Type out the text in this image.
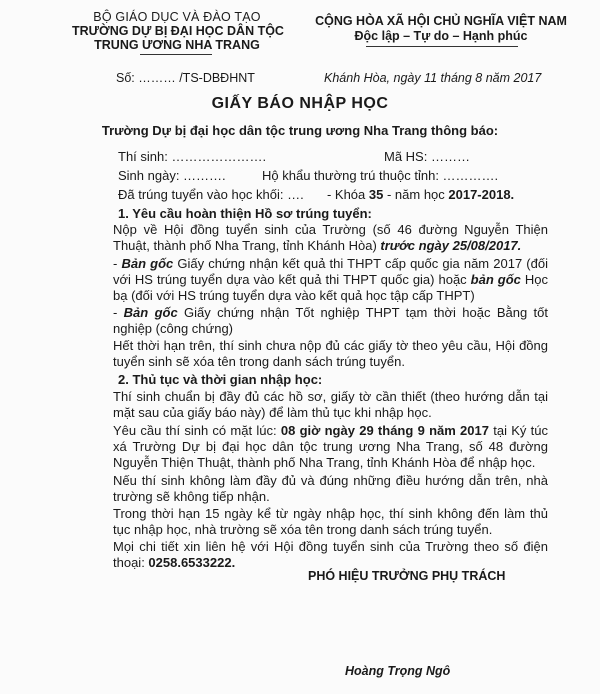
BỘ GIÁO DỤC VÀ ĐÀO TẠO
TRƯỜNG DỰ BỊ ĐẠI HỌC DÂN TỘC
TRUNG ƯƠNG NHA TRANG
CỘNG HÒA XÃ HỘI CHỦ NGHĨA VIỆT NAM
Độc lập – Tự do – Hạnh phúc
Số: ……… /TS-DBĐHNT	Khánh Hòa, ngày 11 tháng 8 năm 2017
GIẤY BÁO NHẬP HỌC
Trường Dự bị đại học dân tộc trung ương Nha Trang thông báo:
Thí sinh: ………………….	Mã HS: ………
Sinh ngày: ……….	Hộ khẩu thường trú thuộc tỉnh: ………….
Đã trúng tuyển vào học khối: …. - Khóa 35 - năm học 2017-2018.
1. Yêu cầu hoàn thiện Hồ sơ trúng tuyển:
Nộp về Hội đồng tuyển sinh của Trường (số 46 đường Nguyễn Thiện Thuật, thành phố Nha Trang, tỉnh Khánh Hòa) trước ngày 25/08/2017.
- Bản gốc Giấy chứng nhận kết quả thi THPT cấp quốc gia năm 2017 (đối với HS trúng tuyển dựa vào kết quả thi THPT quốc gia) hoặc bản gốc Học bạ (đối với HS trúng tuyển dựa vào kết quả học tập cấp THPT)
- Bản gốc Giấy chứng nhận Tốt nghiệp THPT tạm thời hoặc Bằng tốt nghiệp (công chứng)
Hết thời hạn trên, thí sinh chưa nộp đủ các giấy tờ theo yêu cầu, Hội đồng tuyển sinh sẽ xóa tên trong danh sách trúng tuyển.
2. Thủ tục và thời gian nhập học:
Thí sinh chuẩn bị đầy đủ các hồ sơ, giấy tờ cần thiết (theo hướng dẫn tại mặt sau của giấy báo này) để làm thủ tục khi nhập học.
Yêu cầu thí sinh có mặt lúc: 08 giờ ngày 29 tháng 9 năm 2017 tại Ký túc xá Trường Dự bị đại học dân tộc trung ương Nha Trang, số 48 đường Nguyễn Thiện Thuật, thành phố Nha Trang, tỉnh Khánh Hòa để nhập học.
Nếu thí sinh không làm đầy đủ và đúng những điều hướng dẫn trên, nhà trường sẽ không tiếp nhận.
Trong thời hạn 15 ngày kể từ ngày nhập học, thí sinh không đến làm thủ tục nhập học, nhà trường sẽ xóa tên trong danh sách trúng tuyển.
Mọi chi tiết xin liên hệ với Hội đồng tuyển sinh của Trường theo số điện thoại: 0258.6533222.
PHÓ HIỆU TRƯỞNG PHỤ TRÁCH
Hoàng Trọng Ngô
